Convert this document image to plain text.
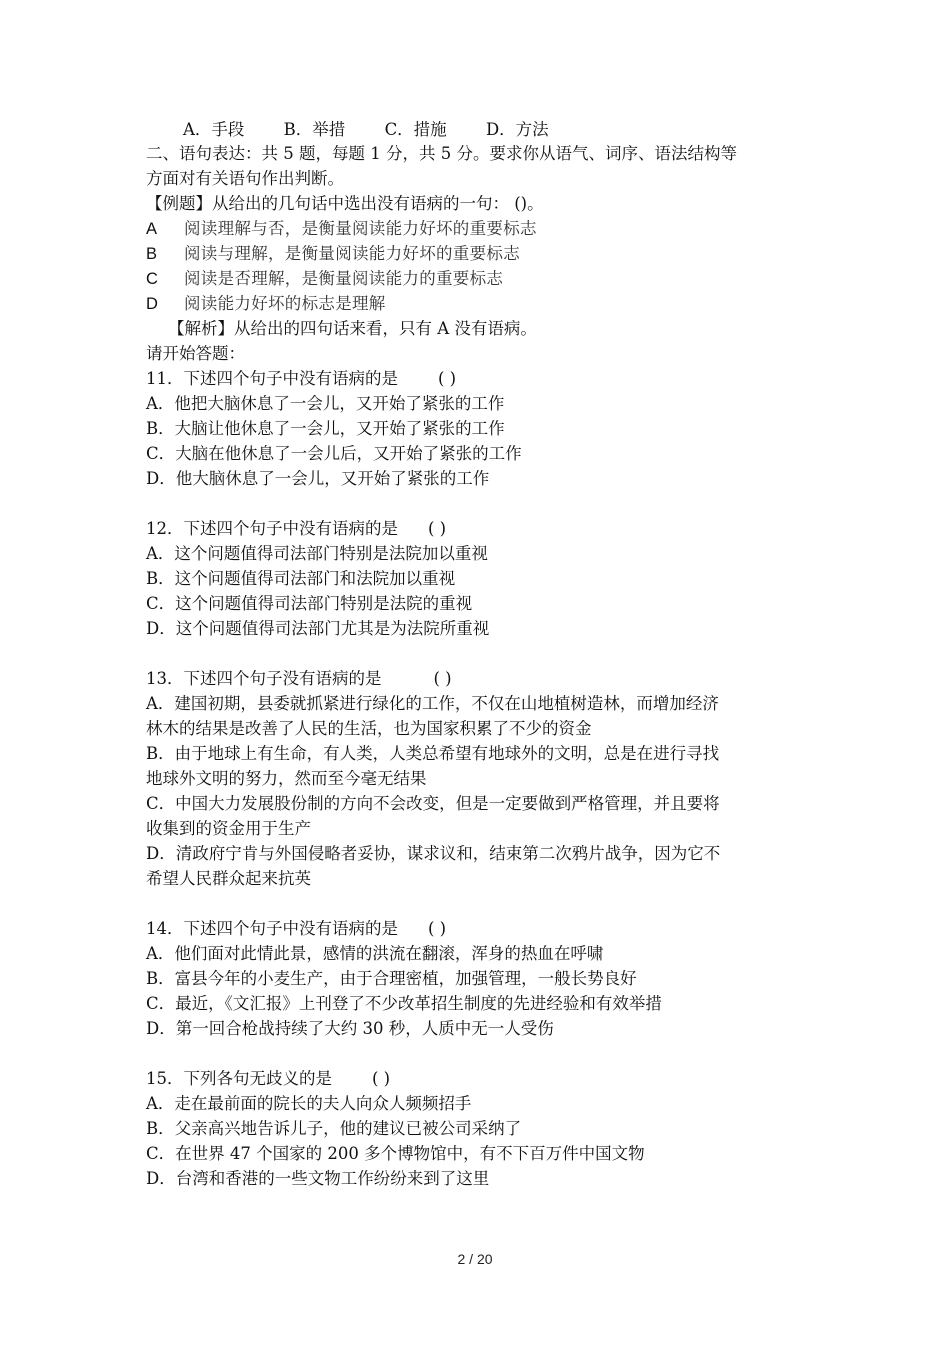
A．手段 B．举措 C．措施 D．方法
二、语句表达：共 5 题，每题 1 分，共 5 分。要求你从语气、词序、语法结构等
方面对有关语句作出判断。
【例题】从给出的几句话中选出没有语病的一句： ()。
A 阅读理解与否，是衡量阅读能力好坏的重要标志
B 阅读与理解，是衡量阅读能力好坏的重要标志
C 阅读是否理解，是衡量阅读能力的重要标志
D 阅读能力好坏的标志是理解
【解析】从给出的四句话来看，只有 A 没有语病。
请开始答题：
11．下述四个句子中没有语病的是 ( )
A．他把大脑休息了一会儿，又开始了紧张的工作
B．大脑让他休息了一会儿，又开始了紧张的工作
C．大脑在他休息了一会儿后，又开始了紧张的工作
D．他大脑休息了一会儿，又开始了紧张的工作
12．下述四个句子中没有语病的是 ( )
A．这个问题值得司法部门特别是法院加以重视
B．这个问题值得司法部门和法院加以重视
C．这个问题值得司法部门特别是法院的重视
D．这个问题值得司法部门尤其是为法院所重视
13．下述四个句子没有语病的是	( )
A．建国初期，县委就抓紧进行绿化的工作，不仅在山地植树造林，而增加经济
林木的结果是改善了人民的生活，也为国家积累了不少的资金
B．由于地球上有生命，有人类，人类总希望有地球外的文明，总是在进行寻找
地球外文明的努力，然而至今毫无结果
C．中国大力发展股份制的方向不会改变，但是一定要做到严格管理，并且要将
收集到的资金用于生产
D．清政府宁肯与外国侵略者妥协，谋求议和，结束第二次鸦片战争，因为它不
希望人民群众起来抗英
14．下述四个句子中没有语病的是 ( )
A．他们面对此情此景，感情的洪流在翻滚，浑身的热血在呼啸
B．富县今年的小麦生产，由于合理密植，加强管理，一般长势良好
C．最近，《文汇报》上刊登了不少改革招生制度的先进经验和有效举措
D．第一回合枪战持续了大约 30 秒，人质中无一人受伤
15．下列各句无歧义的是 ( )
A．走在最前面的院长的夫人向众人频频招手
B．父亲高兴地告诉儿子，他的建议已被公司采纳了
C．在世界 47 个国家的 200 多个博物馆中，有不下百万件中国文物
D．台湾和香港的一些文物工作纷纷来到了这里
2 / 20
